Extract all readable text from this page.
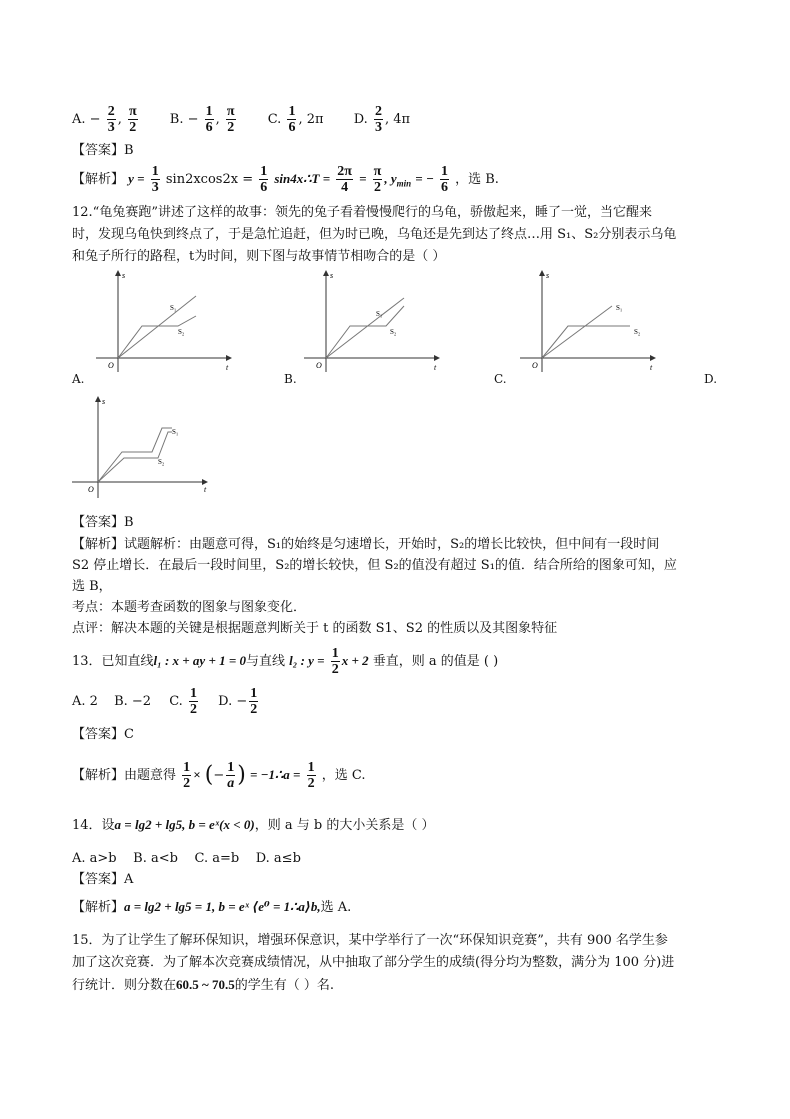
A. − $\frac{2}{3}$ , $\frac{\pi}{2} B$. − $\frac{1}{6}$ , $\frac{\pi}{2} C$. $\frac{1}{6}$ , 2π D. $\frac{2}{3}$ , 4π
【答案】B
【解析】 $y = \frac{1}{3} \sin 2xcos2x = \frac{1}{6}$ sin4x∴T = $\frac{2\pi}{4} = \frac{\pi}{2}$ , $y_{min}$ = − $\frac{1}{6}$ ，选 B.
12.“龟兔赛跑”讲述了这样的故事：领先的兔子看着慢慢爬行的乌龟，骄傲起来，睡了一觉，当它醒来
时，发现乌龟快到终点了，于是急忙追赶，但为时已晚，乌龟还是先到达了终点…用 S₁、S₂分别表示乌龟
和兔子所行的路程，t为时间，则下图与故事情节相吻合的是（ ）
s
t
O
S₁
S₂
A.
s
t
O
S₁
S₂
B.
s
t
O
S₁
S₂
C.	D.
s
t
O
S₁
S₂
【答案】B
【解析】试题解析：由题意可得，S₁的始终是匀速增长，开始时，S₂的增长比较快，但中间有一段时间
S2 停止增长．在最后一段时间里，S₂的增长较快，但 S₂的值没有超过 S₁的值．结合所给的图象可知，应
选 B，
考点：本题考查函数的图象与图象变化．
点评：解决本题的关键是根据题意判断关于 t 的函数 S1、S2 的性质以及其图象特征
13．已知直线l₁ : x + ay + 1 = 0与直线 l₂ : $y = \frac{1}{2}$ x + 2 垂直，则 a 的值是 ( )
A. 2 B. −2 C. $\frac{1}{2} D$. − $\frac{1}{2}$
【答案】C
【解析】由题意得 $\frac{1}{2}$ × (− $\frac{1}{a}$ ) = −1∴a = $\frac{1}{2}$ ，选 C.
14．设a = lg2 + lg5, b = eˣ(x < 0)，则 a 与 b 的大小关系是（ ）
A. a>b    B. a<b    C. a=b    D. a≤b
【答案】A
【解析】a = lg2 + lg5 = 1, b = eˣ ⟨e⁰ = 1∴a⟩b,选 A.
15．为了让学生了解环保知识，增强环保意识，某中学举行了一次“环保知识竞赛”，共有 900 名学生参
加了这次竞赛．为了解本次竞赛成绩情况，从中抽取了部分学生的成绩(得分均为整数，满分为 100 分)进
行统计．则分数在60.5 ~ 70.5的学生有（ ）名.
